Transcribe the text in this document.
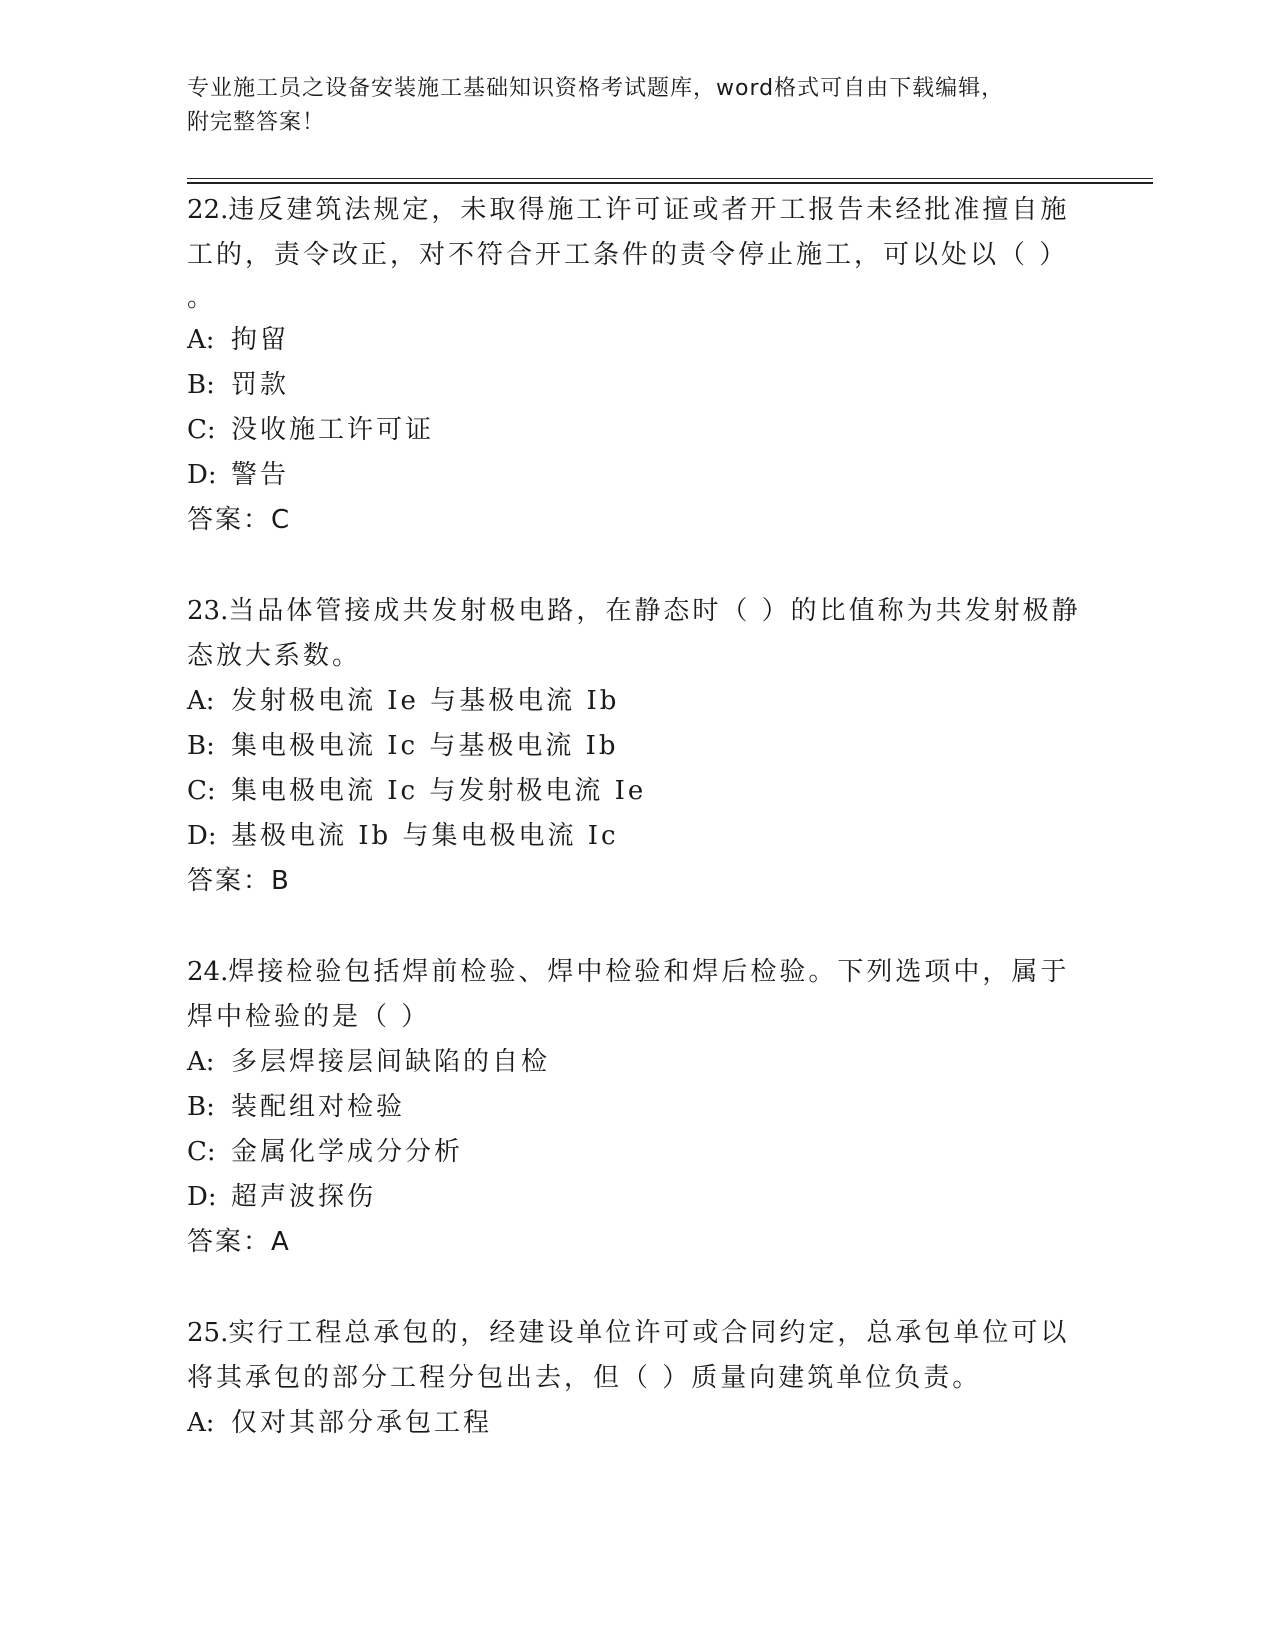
专业施工员之设备安装施工基础知识资格考试题库，word格式可自由下载编辑，
附完整答案！

22.违反建筑法规定，未取得施工许可证或者开工报告未经批准擅自施工的，责令改正，对不符合开工条件的责令停止施工，可以处以（ ）

。

A: 拘留
B: 罚款
C: 没收施工许可证
D: 警告
答案：C

23.当品体管接成共发射极电路，在静态时（ ）的比值称为共发射极静态放大系数。

A: 发射极电流 Ie 与基极电流 Ib
B: 集电极电流 Ic 与基极电流 Ib
C: 集电极电流 Ic 与发射极电流 Ie
D: 基极电流 Ib 与集电极电流 Ic
答案：B

24.焊接检验包括焊前检验、焊中检验和焊后检验。下列选项中，属于焊中检验的是（ ）

A: 多层焊接层间缺陷的自检
B: 装配组对检验
C: 金属化学成分分析
D: 超声波探伤
答案：A

25.实行工程总承包的，经建设单位许可或合同约定，总承包单位可以将其承包的部分工程分包出去，但（ ）质量向建筑单位负责。

A: 仅对其部分承包工程
